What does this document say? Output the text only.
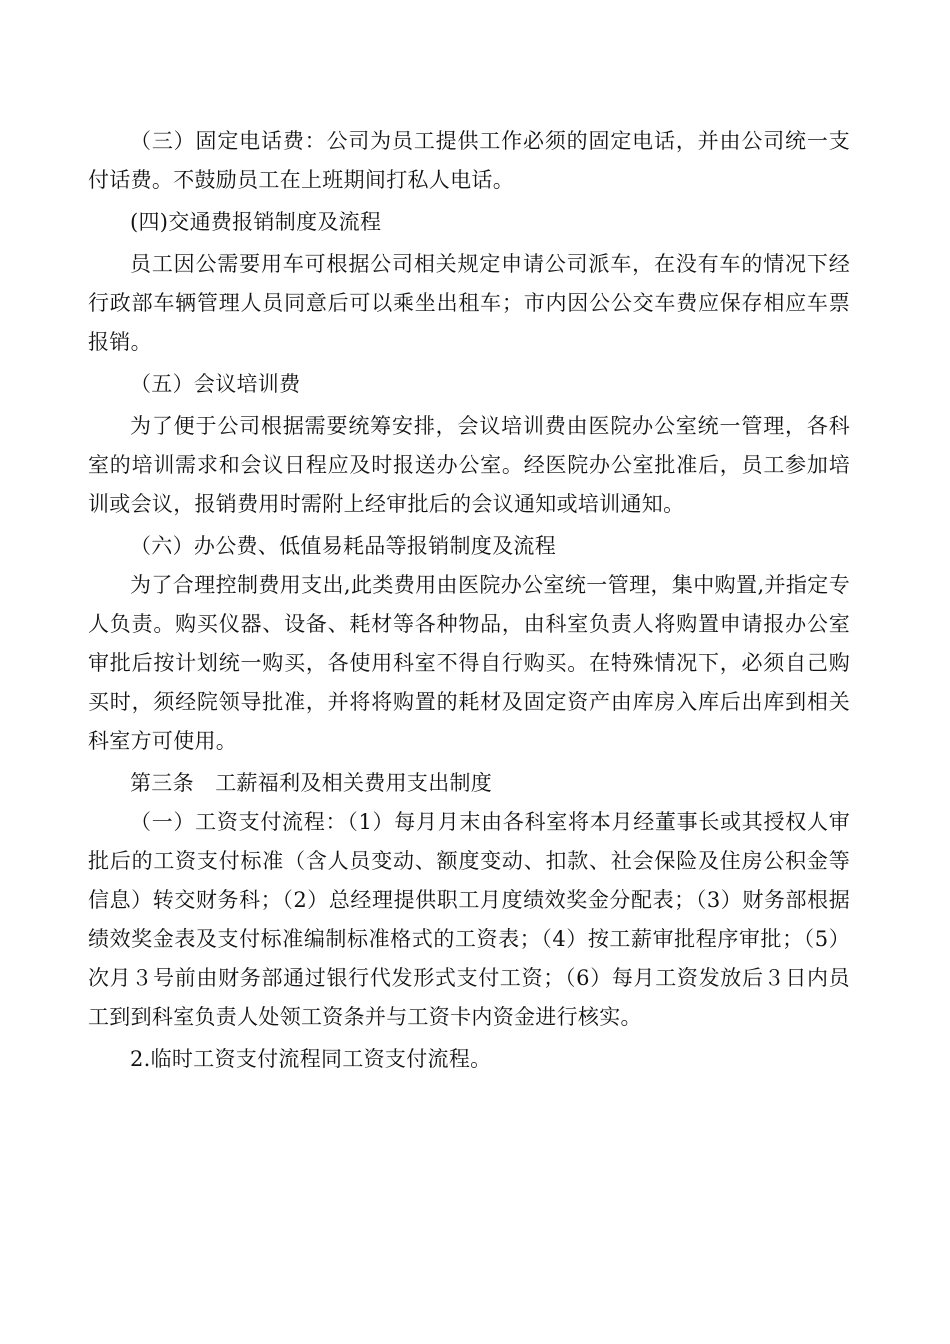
（三）固定电话费：公司为员工提供工作必须的固定电话，并由公司统一支付话费。不鼓励员工在上班期间打私人电话。

(四)交通费报销制度及流程

员工因公需要用车可根据公司相关规定申请公司派车，在没有车的情况下经行政部车辆管理人员同意后可以乘坐出租车；市内因公公交车费应保存相应车票报销。

（五）会议培训费

为了便于公司根据需要统筹安排，会议培训费由医院办公室统一管理，各科室的培训需求和会议日程应及时报送办公室。经医院办公室批准后，员工参加培训或会议，报销费用时需附上经审批后的会议通知或培训通知。

（六）办公费、低值易耗品等报销制度及流程

为了合理控制费用支出,此类费用由医院办公室统一管理，集中购置,并指定专人负责。购买仪器、设备、耗材等各种物品，由科室负责人将购置申请报办公室审批后按计划统一购买，各使用科室不得自行购买。在特殊情况下，必须自己购买时，须经院领导批准，并将将购置的耗材及固定资产由库房入库后出库到相关科室方可使用。

第三条　工薪福利及相关费用支出制度

（一）工资支付流程：（1）每月月末由各科室将本月经董事长或其授权人审批后的工资支付标准（含人员变动、额度变动、扣款、社会保险及住房公积金等信息）转交财务科；（2）总经理提供职工月度绩效奖金分配表；（3）财务部根据绩效奖金表及支付标准编制标准格式的工资表；（4）按工薪审批程序审批；（5）次月３号前由财务部通过银行代发形式支付工资；（6）每月工资发放后３日内员工到到科室负责人处领工资条并与工资卡内资金进行核实。

2.临时工资支付流程同工资支付流程。
